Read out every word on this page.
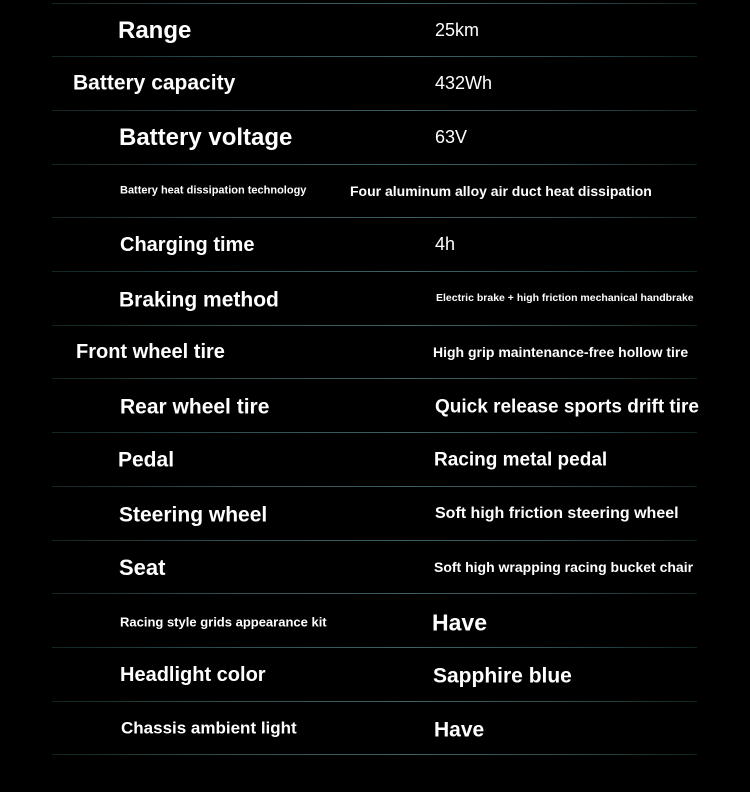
Range	25km
Battery capacity	432Wh
Battery voltage	63V
Battery heat dissipation technology	Four aluminum alloy air duct heat dissipation
Charging time	4h
Braking method	Electric brake + high friction mechanical handbrake
Front wheel tire	High grip maintenance-free hollow tire
Rear wheel tire	Quick release sports drift tire
Pedal	Racing metal pedal
Steering wheel	Soft high friction steering wheel
Seat	Soft high wrapping racing bucket chair
Racing style grids appearance kit	Have
Headlight color	Sapphire blue
Chassis ambient light	Have
